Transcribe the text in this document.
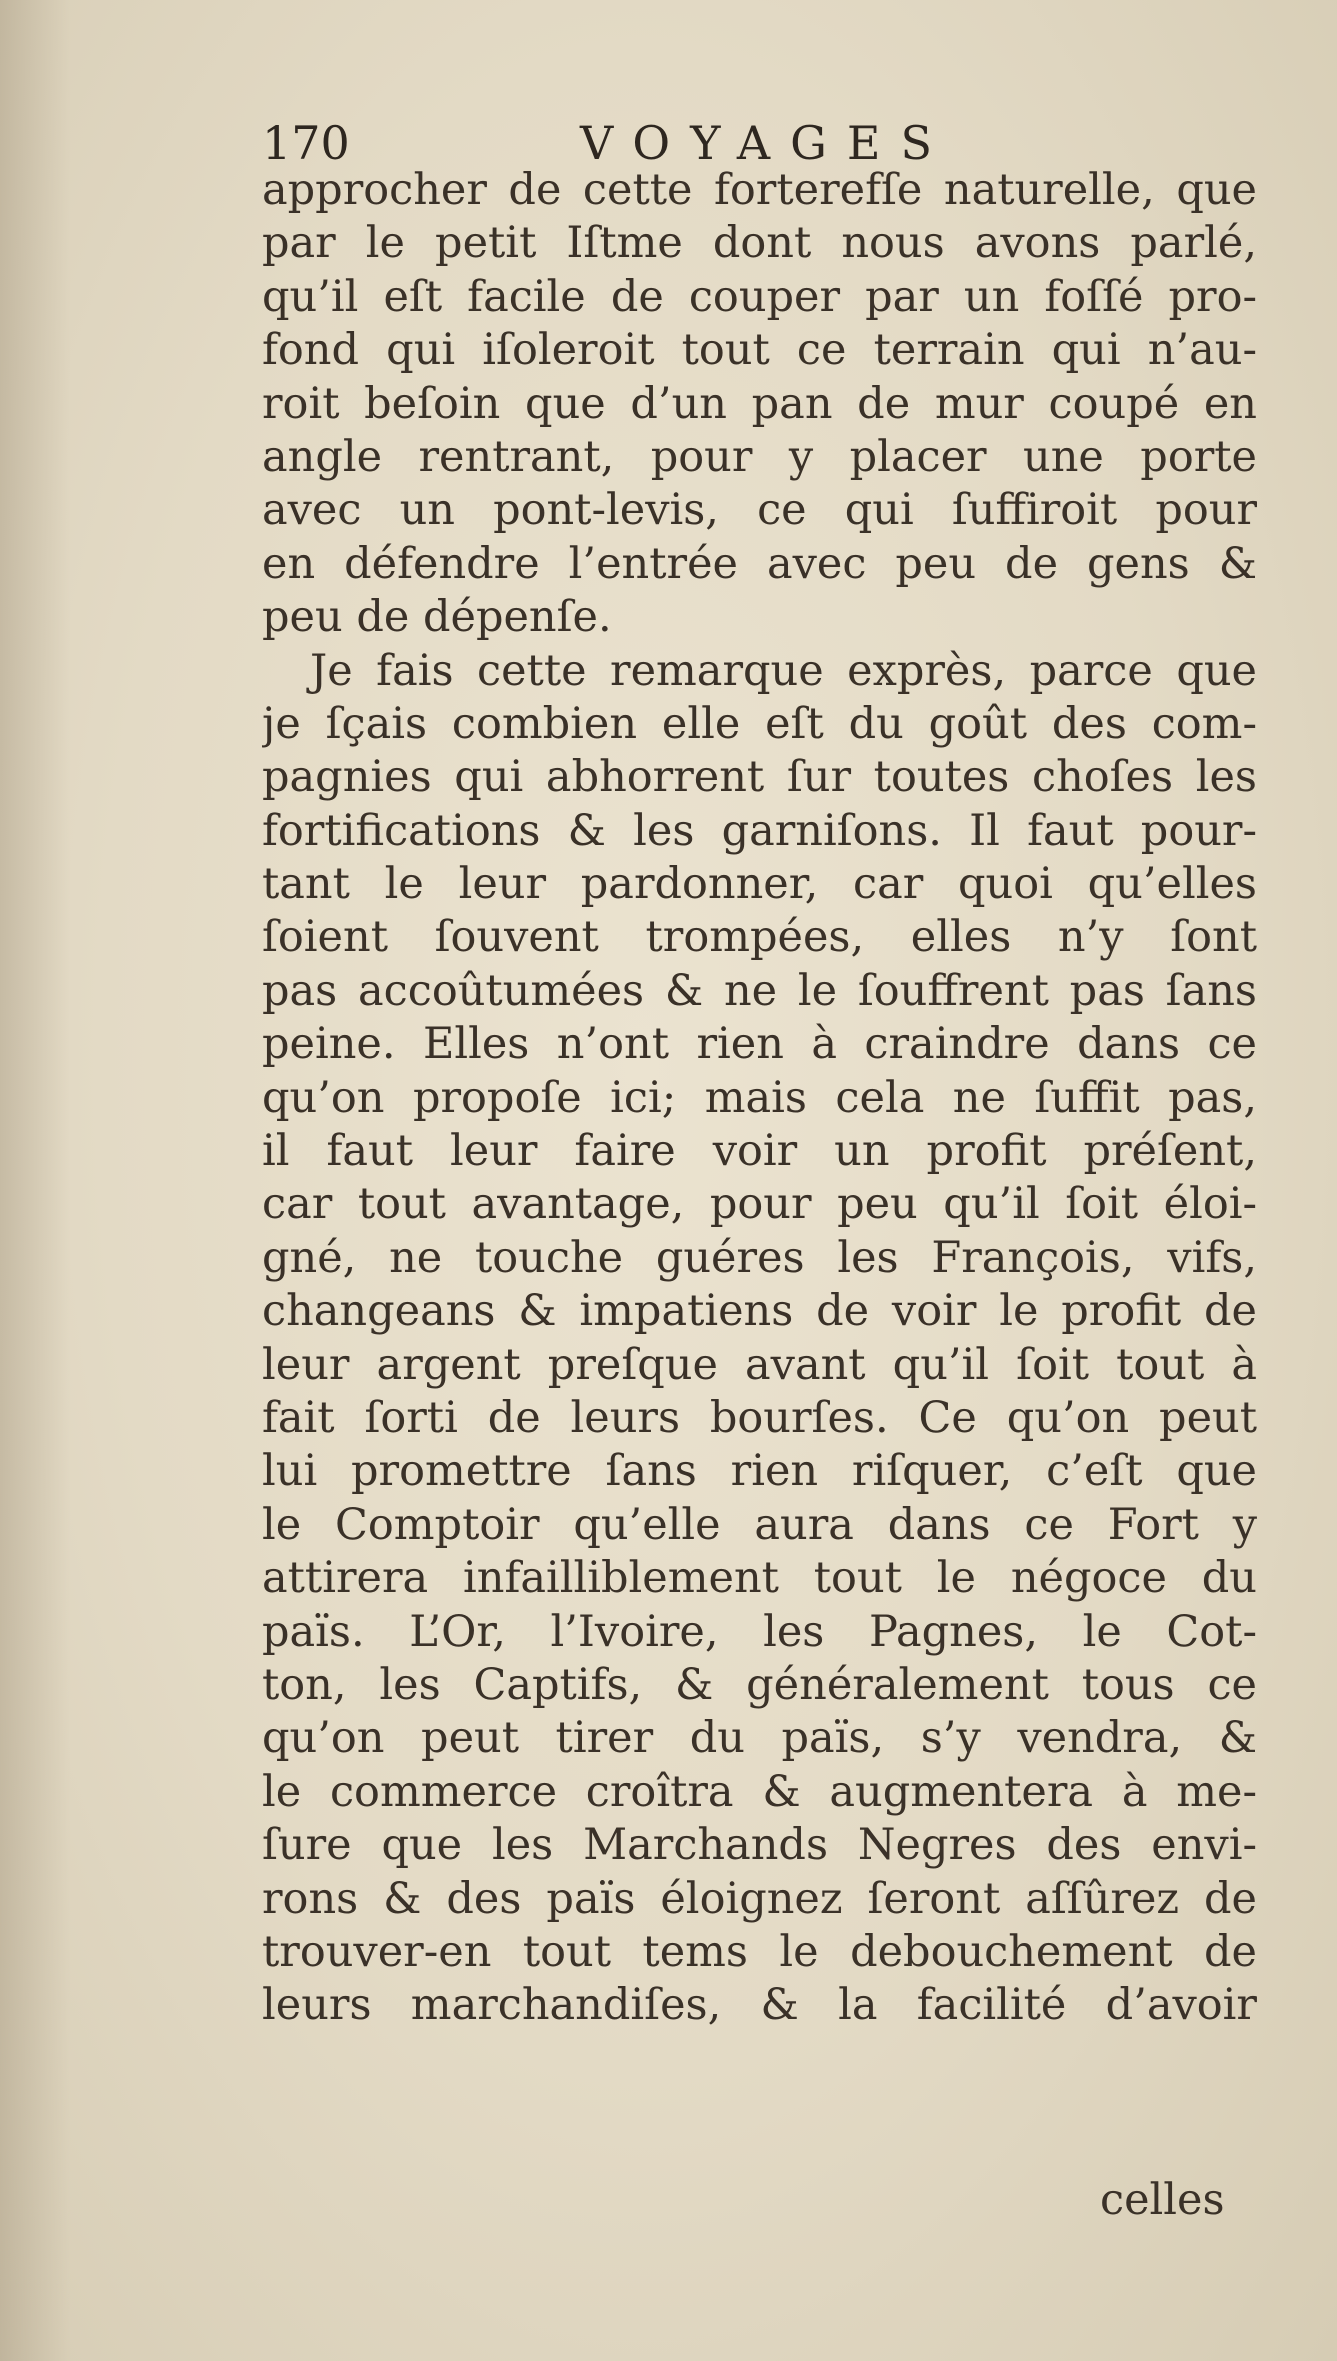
170	VOYAGES
approcher de cette forterefſe naturelle, que
par le petit Iſtme dont nous avons parlé,
qu’il eſt facile de couper par un foſſé pro-
fond qui iſoleroit tout ce terrain qui n’au-
roit beſoin que d’un pan de mur coupé en
angle rentrant, pour y placer une porte
avec un pont-levis, ce qui ſuffiroit pour
en défendre l’entrée avec peu de gens &
peu de dépenſe.
Je fais cette remarque exprès, parce que
je ſçais combien elle eſt du goût des com-
pagnies qui abhorrent ſur toutes choſes les
fortifications & les garniſons. Il faut pour-
tant le leur pardonner, car quoi qu’elles
ſoient ſouvent trompées, elles n’y ſont
pas accoûtumées & ne le ſouffrent pas ſans
peine. Elles n’ont rien à craindre dans ce
qu’on propoſe ici; mais cela ne ſuffit pas,
il faut leur faire voir un profit préſent,
car tout avantage, pour peu qu’il ſoit éloi-
gné, ne touche guéres les François, vifs,
changeans & impatiens de voir le profit de
leur argent preſque avant qu’il ſoit tout à
fait ſorti de leurs bourſes. Ce qu’on peut
lui promettre ſans rien riſquer, c’eſt que
le Comptoir qu’elle aura dans ce Fort y
attirera infailliblement tout le négoce du
païs. L’Or, l’Ivoire, les Pagnes, le Cot-
ton, les Captifs, & généralement tous ce
qu’on peut tirer du païs, s’y vendra, &
le commerce croîtra & augmentera à me-
ſure que les Marchands Negres des envi-
rons & des païs éloignez ſeront aſſûrez de
trouver-en tout tems le debouchement de
leurs marchandiſes, & la facilité d’avoir
celles
